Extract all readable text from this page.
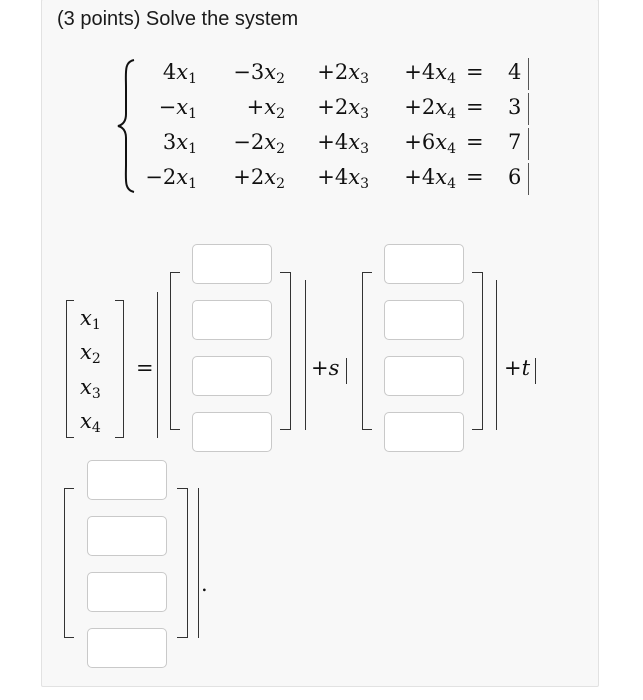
(3 points) Solve the system
$4x_1 -3x_2 +2x_3 +4x_4 = 4$
$-x_1 +x_2 +2x_3 +2x_4 = 3$
$3x_1 -2x_2 +4x_3 +6x_4 = 7$
$-2x_1 +2x_2 +4x_3 +4x_4 = 6$
$x_1$
$x_2$
$x_3$
$x_4$
=	+s	+t
.
